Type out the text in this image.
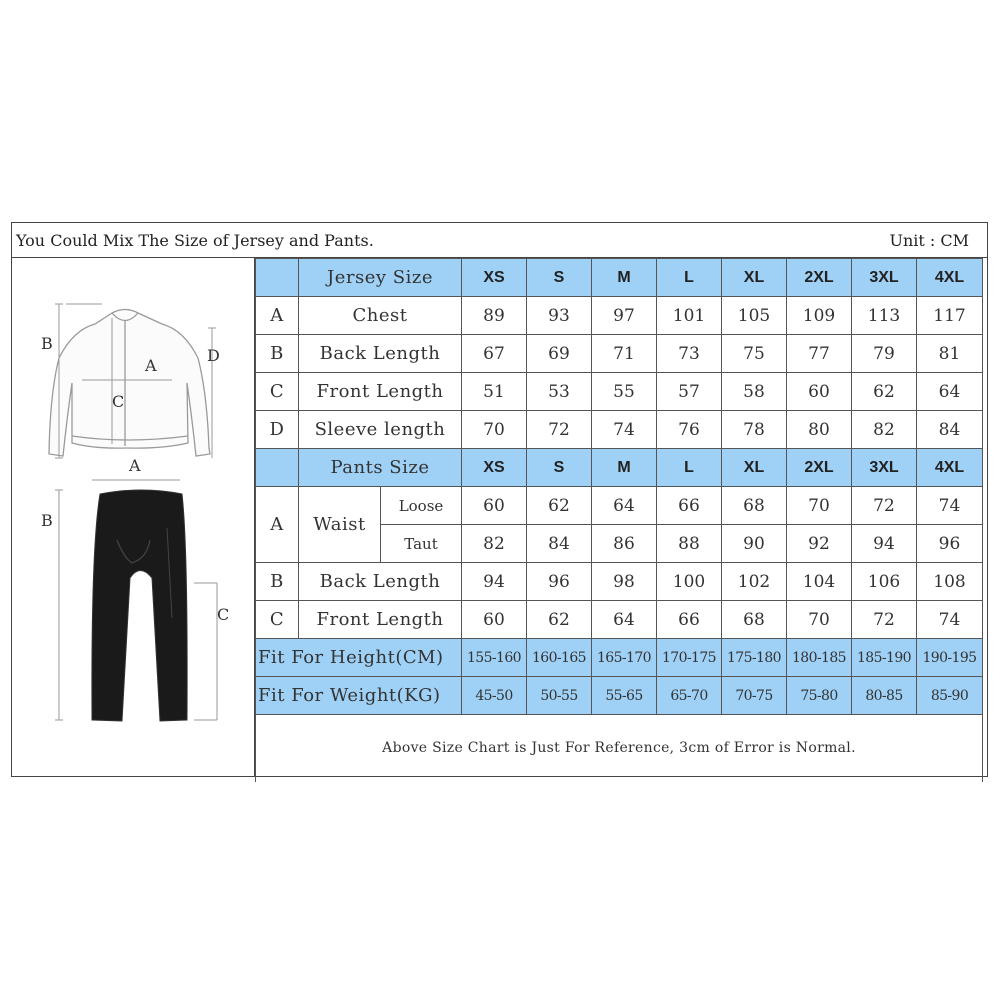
You Could Mix The Size of Jersey and Pants.	Unit : CM
B
A
D
C
A
B
C
	Jersey Size		XS	S	M	L	XL	2XL	3XL	4XL
A	Chest		89	93	97	101	105	109	113	117
B	Back Length		67	69	71	73	75	77	79	81
C	Front Length		51	53	55	57	58	60	62	64
D	Sleeve length		70	72	74	76	78	80	82	84
	Pants Size		XS	S	M	L	XL	2XL	3XL	4XL
A	Waist	Loose	60	62	64	66	68	70	72	74
		Taut	82	84	86	88	90	92	94	96
B	Back Length		94	96	98	100	102	104	106	108
C	Front Length		60	62	64	66	68	70	72	74
Fit For Height(CM)			155-160	160-165	165-170	170-175	175-180	180-185	185-190	190-195
Fit For Weight(KG)			45-50	50-55	55-65	65-70	70-75	75-80	80-85	85-90
Above Size Chart is Just For Reference, 3cm of Error is Normal.										
